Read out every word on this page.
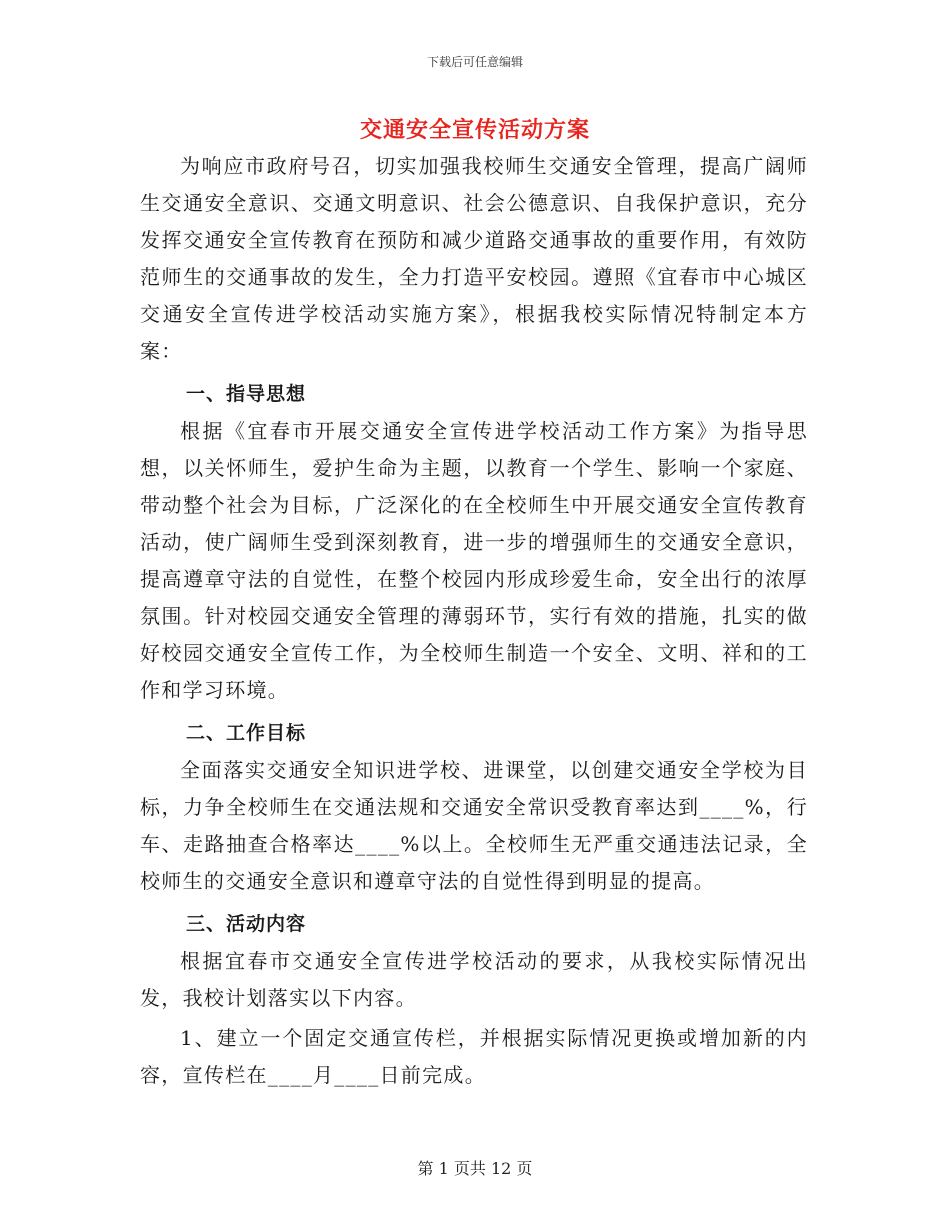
下载后可任意编辑
交通安全宣传活动方案

为响应市政府号召，切实加强我校师生交通安全管理，提高广阔师生交通安全意识、交通文明意识、社会公德意识、自我保护意识，充分发挥交通安全宣传教育在预防和减少道路交通事故的重要作用，有效防范师生的交通事故的发生，全力打造平安校园。遵照《宜春市中心城区交通安全宣传进学校活动实施方案》，根据我校实际情况特制定本方案：

一、指导思想

根据《宜春市开展交通安全宣传进学校活动工作方案》为指导思想，以关怀师生，爱护生命为主题，以教育一个学生、影响一个家庭、带动整个社会为目标，广泛深化的在全校师生中开展交通安全宣传教育活动，使广阔师生受到深刻教育，进一步的增强师生的交通安全意识，提高遵章守法的自觉性，在整个校园内形成珍爱生命，安全出行的浓厚氛围。针对校园交通安全管理的薄弱环节，实行有效的措施，扎实的做好校园交通安全宣传工作，为全校师生制造一个安全、文明、祥和的工作和学习环境。

二、工作目标

全面落实交通安全知识进学校、进课堂，以创建交通安全学校为目标，力争全校师生在交通法规和交通安全常识受教育率达到____%，行车、走路抽查合格率达____%以上。全校师生无严重交通违法记录，全校师生的交通安全意识和遵章守法的自觉性得到明显的提高。

三、活动内容

根据宜春市交通安全宣传进学校活动的要求，从我校实际情况出发，我校计划落实以下内容。

1、建立一个固定交通宣传栏，并根据实际情况更换或增加新的内容，宣传栏在____月____日前完成。

第 1 页共 12 页
